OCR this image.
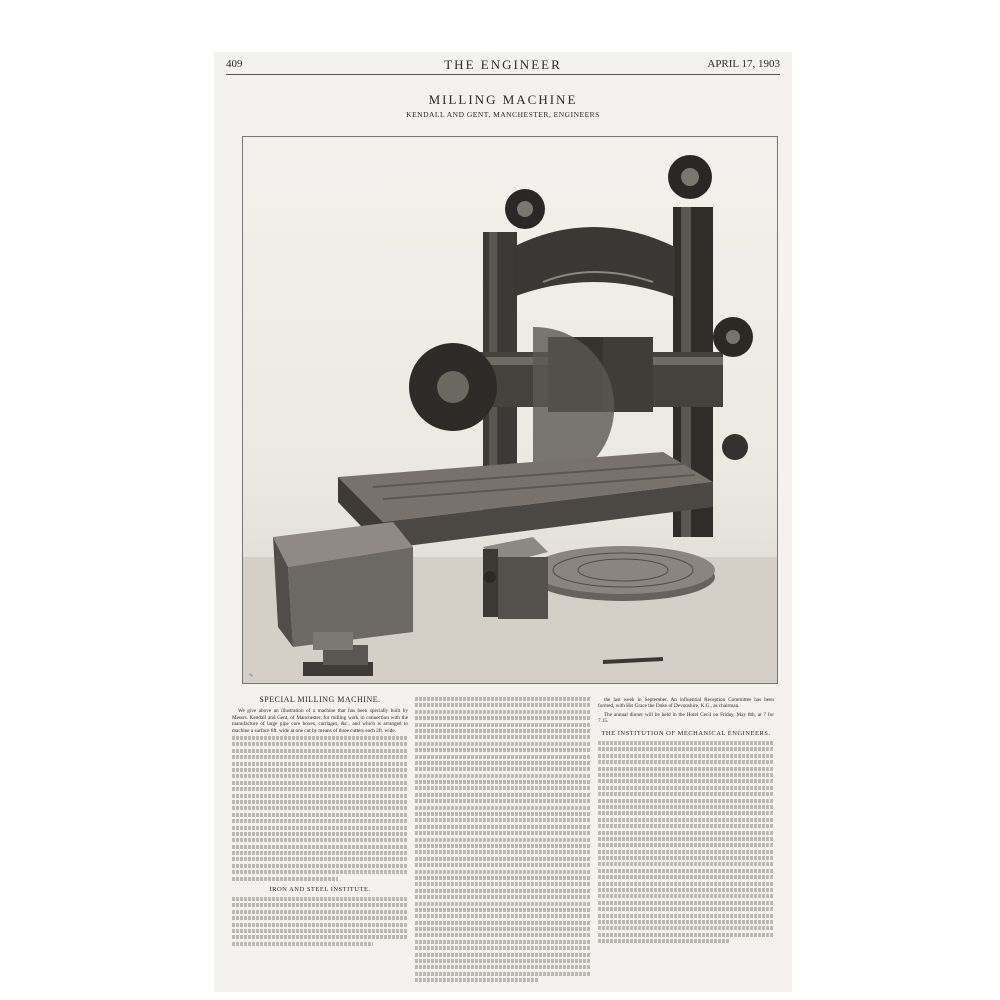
409	THE ENGINEER	APRIL 17, 1903
MILLING MACHINE
KENDALL AND GENT, MANCHESTER, ENGINEERS
✎
SPECIAL MILLING MACHINE.

We give above an illustration of a machine that has been specially built by Messrs. Kendall and Gent, of Manchester, for milling work in connection with the manufacture of large pipe core boxes, carriages, &c., and which is arranged to machine a surface 6ft. wide at one cut by means of three cutters each 2ft. wide.

IRON AND STEEL INSTITUTE.

the last week in September. An influential Reception Committee has been formed, with His Grace the Duke of Devonshire, K.G., as chairman.

The annual dinner will be held in the Hotel Cecil on Friday, May 8th, at 7 for 7.15.

THE INSTITUTION OF MECHANICAL ENGINEERS.
